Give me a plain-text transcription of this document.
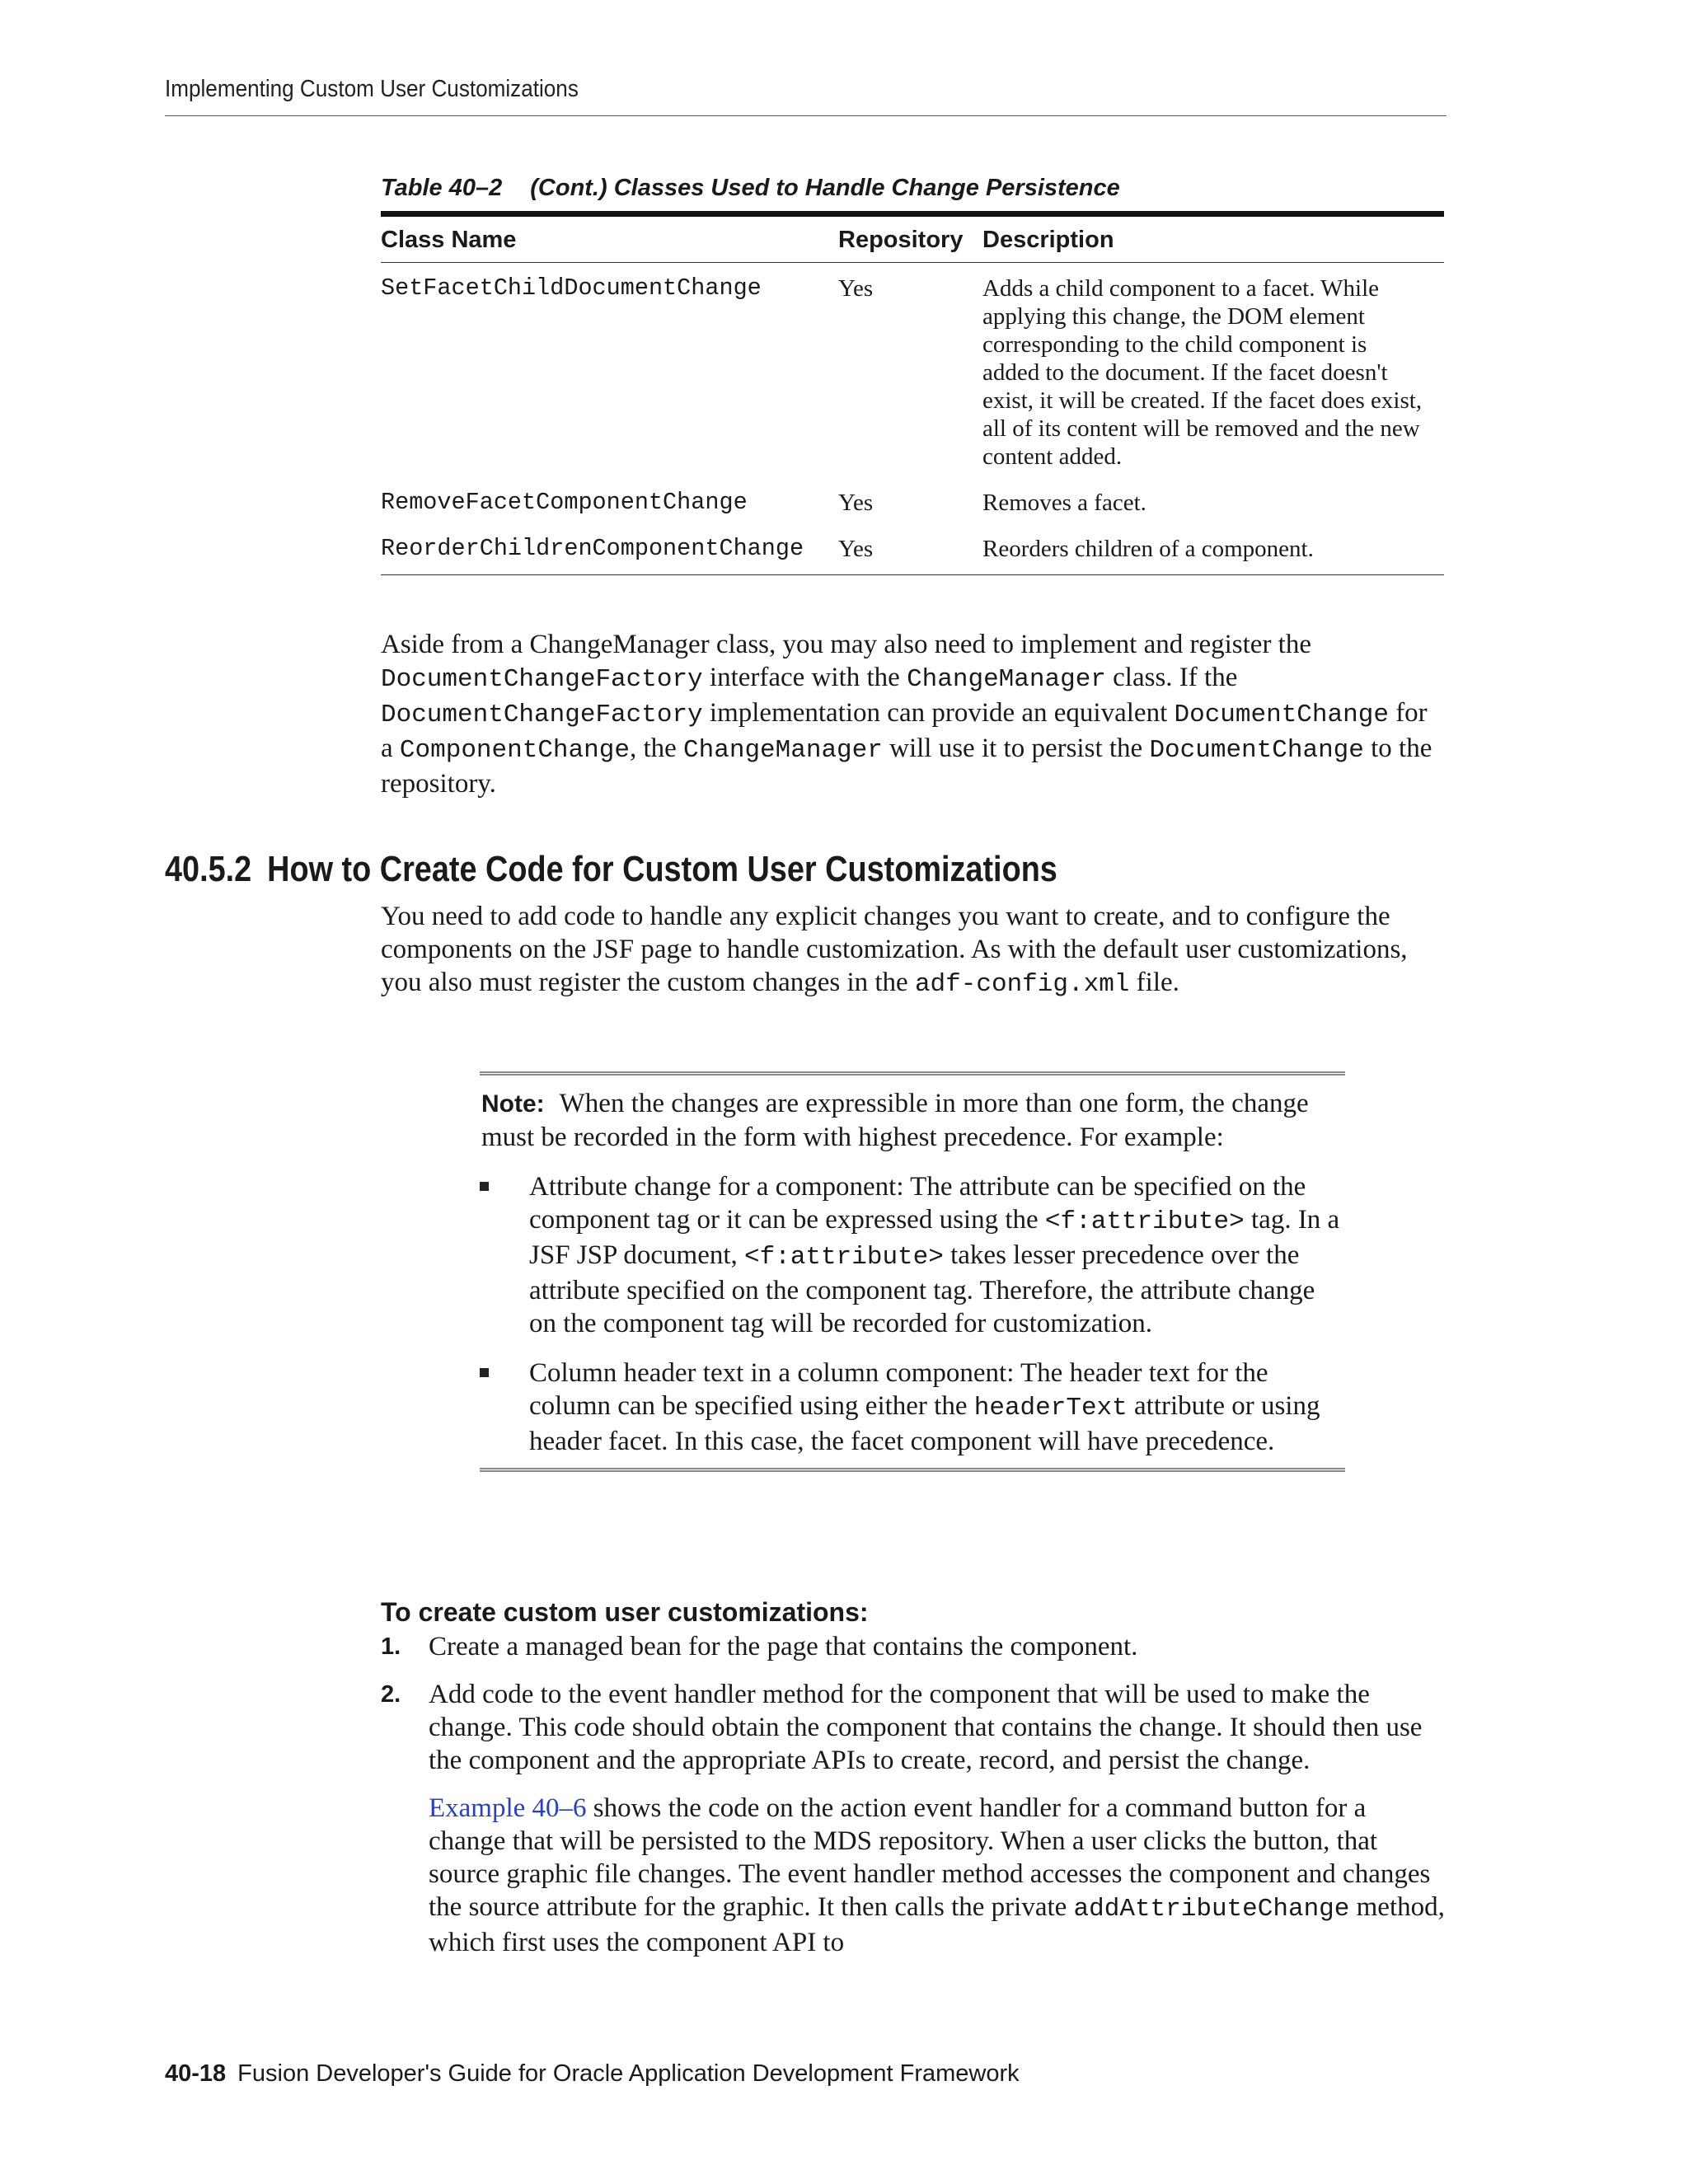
Implementing Custom User Customizations
Table 40–2 (Cont.) Classes Used to Handle Change Persistence
Class Name	Repository	Description
SetFacetChildDocumentChange	Yes	Adds a child component to a facet. While applying this change, the DOM element corresponding to the child component is added to the document. If the facet doesn't exist, it will be created. If the facet does exist, all of its content will be removed and the new content added.
RemoveFacetComponentChange	Yes	Removes a facet.
ReorderChildrenComponentChange	Yes	Reorders children of a component.
Aside from a ChangeManager class, you may also need to implement and register the DocumentChangeFactory interface with the ChangeManager class. If the DocumentChangeFactory implementation can provide an equivalent DocumentChange for a ComponentChange, the ChangeManager will use it to persist the DocumentChange to the repository.
40.5.2 How to Create Code for Custom User Customizations
You need to add code to handle any explicit changes you want to create, and to configure the components on the JSF page to handle customization. As with the default user customizations, you also must register the custom changes in the adf-config.xml file.
Note: When the changes are expressible in more than one form, the change must be recorded in the form with highest precedence. For example:
Attribute change for a component: The attribute can be specified on the component tag or it can be expressed using the <f:attribute> tag. In a JSF JSP document, <f:attribute> takes lesser precedence over the attribute specified on the component tag. Therefore, the attribute change on the component tag will be recorded for customization.
Column header text in a column component: The header text for the column can be specified using either the headerText attribute or using header facet. In this case, the facet component will have precedence.
To create custom user customizations:
1. Create a managed bean for the page that contains the component.
2. Add code to the event handler method for the component that will be used to make the change. This code should obtain the component that contains the change. It should then use the component and the appropriate APIs to create, record, and persist the change.
Example 40–6 shows the code on the action event handler for a command button for a change that will be persisted to the MDS repository. When a user clicks the button, that source graphic file changes. The event handler method accesses the component and changes the source attribute for the graphic. It then calls the private addAttributeChange method, which first uses the component API to
40-18 Fusion Developer's Guide for Oracle Application Development Framework
